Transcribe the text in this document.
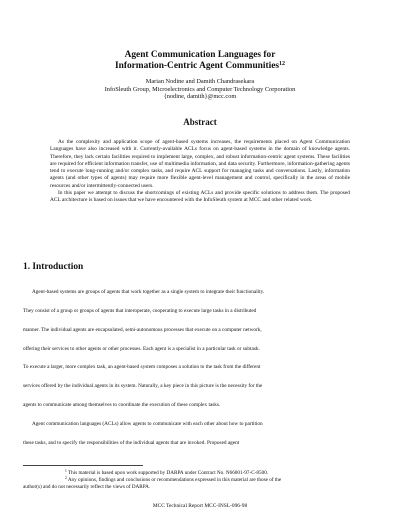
Agent Communication Languages for
Information-Centric Agent Communities$^{12}$
Marian Nodine and Damith Chandrasekara
InfoSleuth Group, Microelectronics and Computer Technology Corporation
{nodine, damith}@mcc.com
Abstract

As the complexity and application scope of agent-based systems increases, the requirements placed on Agent Communication Languages have also increased with it. Currently-available ACLs focus on agent-based systems in the domain of knowledge agents. Therefore, they lack certain facilities required to implement large, complex, and robust information-centric agent systems. These facilities are required for efficient information transfer, use of multimedia information, and data security. Furthermore, information-gathering agents tend to execute long-running and/or complex tasks, and require ACL support for managing tasks and conversations. Lastly, information agents (and other types of agents) may require more flexible agent-level management and control, specifically in the areas of mobile resources and/or intermittently-connected users.

In this paper we attempt to discuss the shortcomings of existing ACLs and provide specific solutions to address them. The proposed ACL architecture is based on issues that we have encountered with the InfoSleuth system at MCC and other related work.

1. Introduction
Agent-based systems are groups of agents that work together as a single system to integrate their functionality.
They consist of a group or groups of agents that interoperate, cooperating to execute large tasks in a distributed
manner. The individual agents are encapsulated, semi-autonomous processes that execute on a computer network,
offering their services to other agents or other processes. Each agent is a specialist in a particular task or subtask.
To execute a larger, more complex task, an agent-based system composes a solution to the task from the different
services offered by the individual agents in its system. Naturally, a key piece in this picture is the necessity for the
agents to communicate among themselves to coordinate the execution of these complex tasks.
Agent communication languages (ACLs) allow agents to communicate with each other about how to partition
these tasks, and to specify the responsibilities of the individual agents that are invoked. Proposed agent
$^1$ This material is based upon work supported by DARPA under Contract No. N66001-97-C-8500.
$^2$ Any opinions, findings and conclusions or recommendations expressed in this material are those of the
author(s) and do not necessarily reflect the views of DARPA.
MCC Technical Report MCC-INSL-096-98
